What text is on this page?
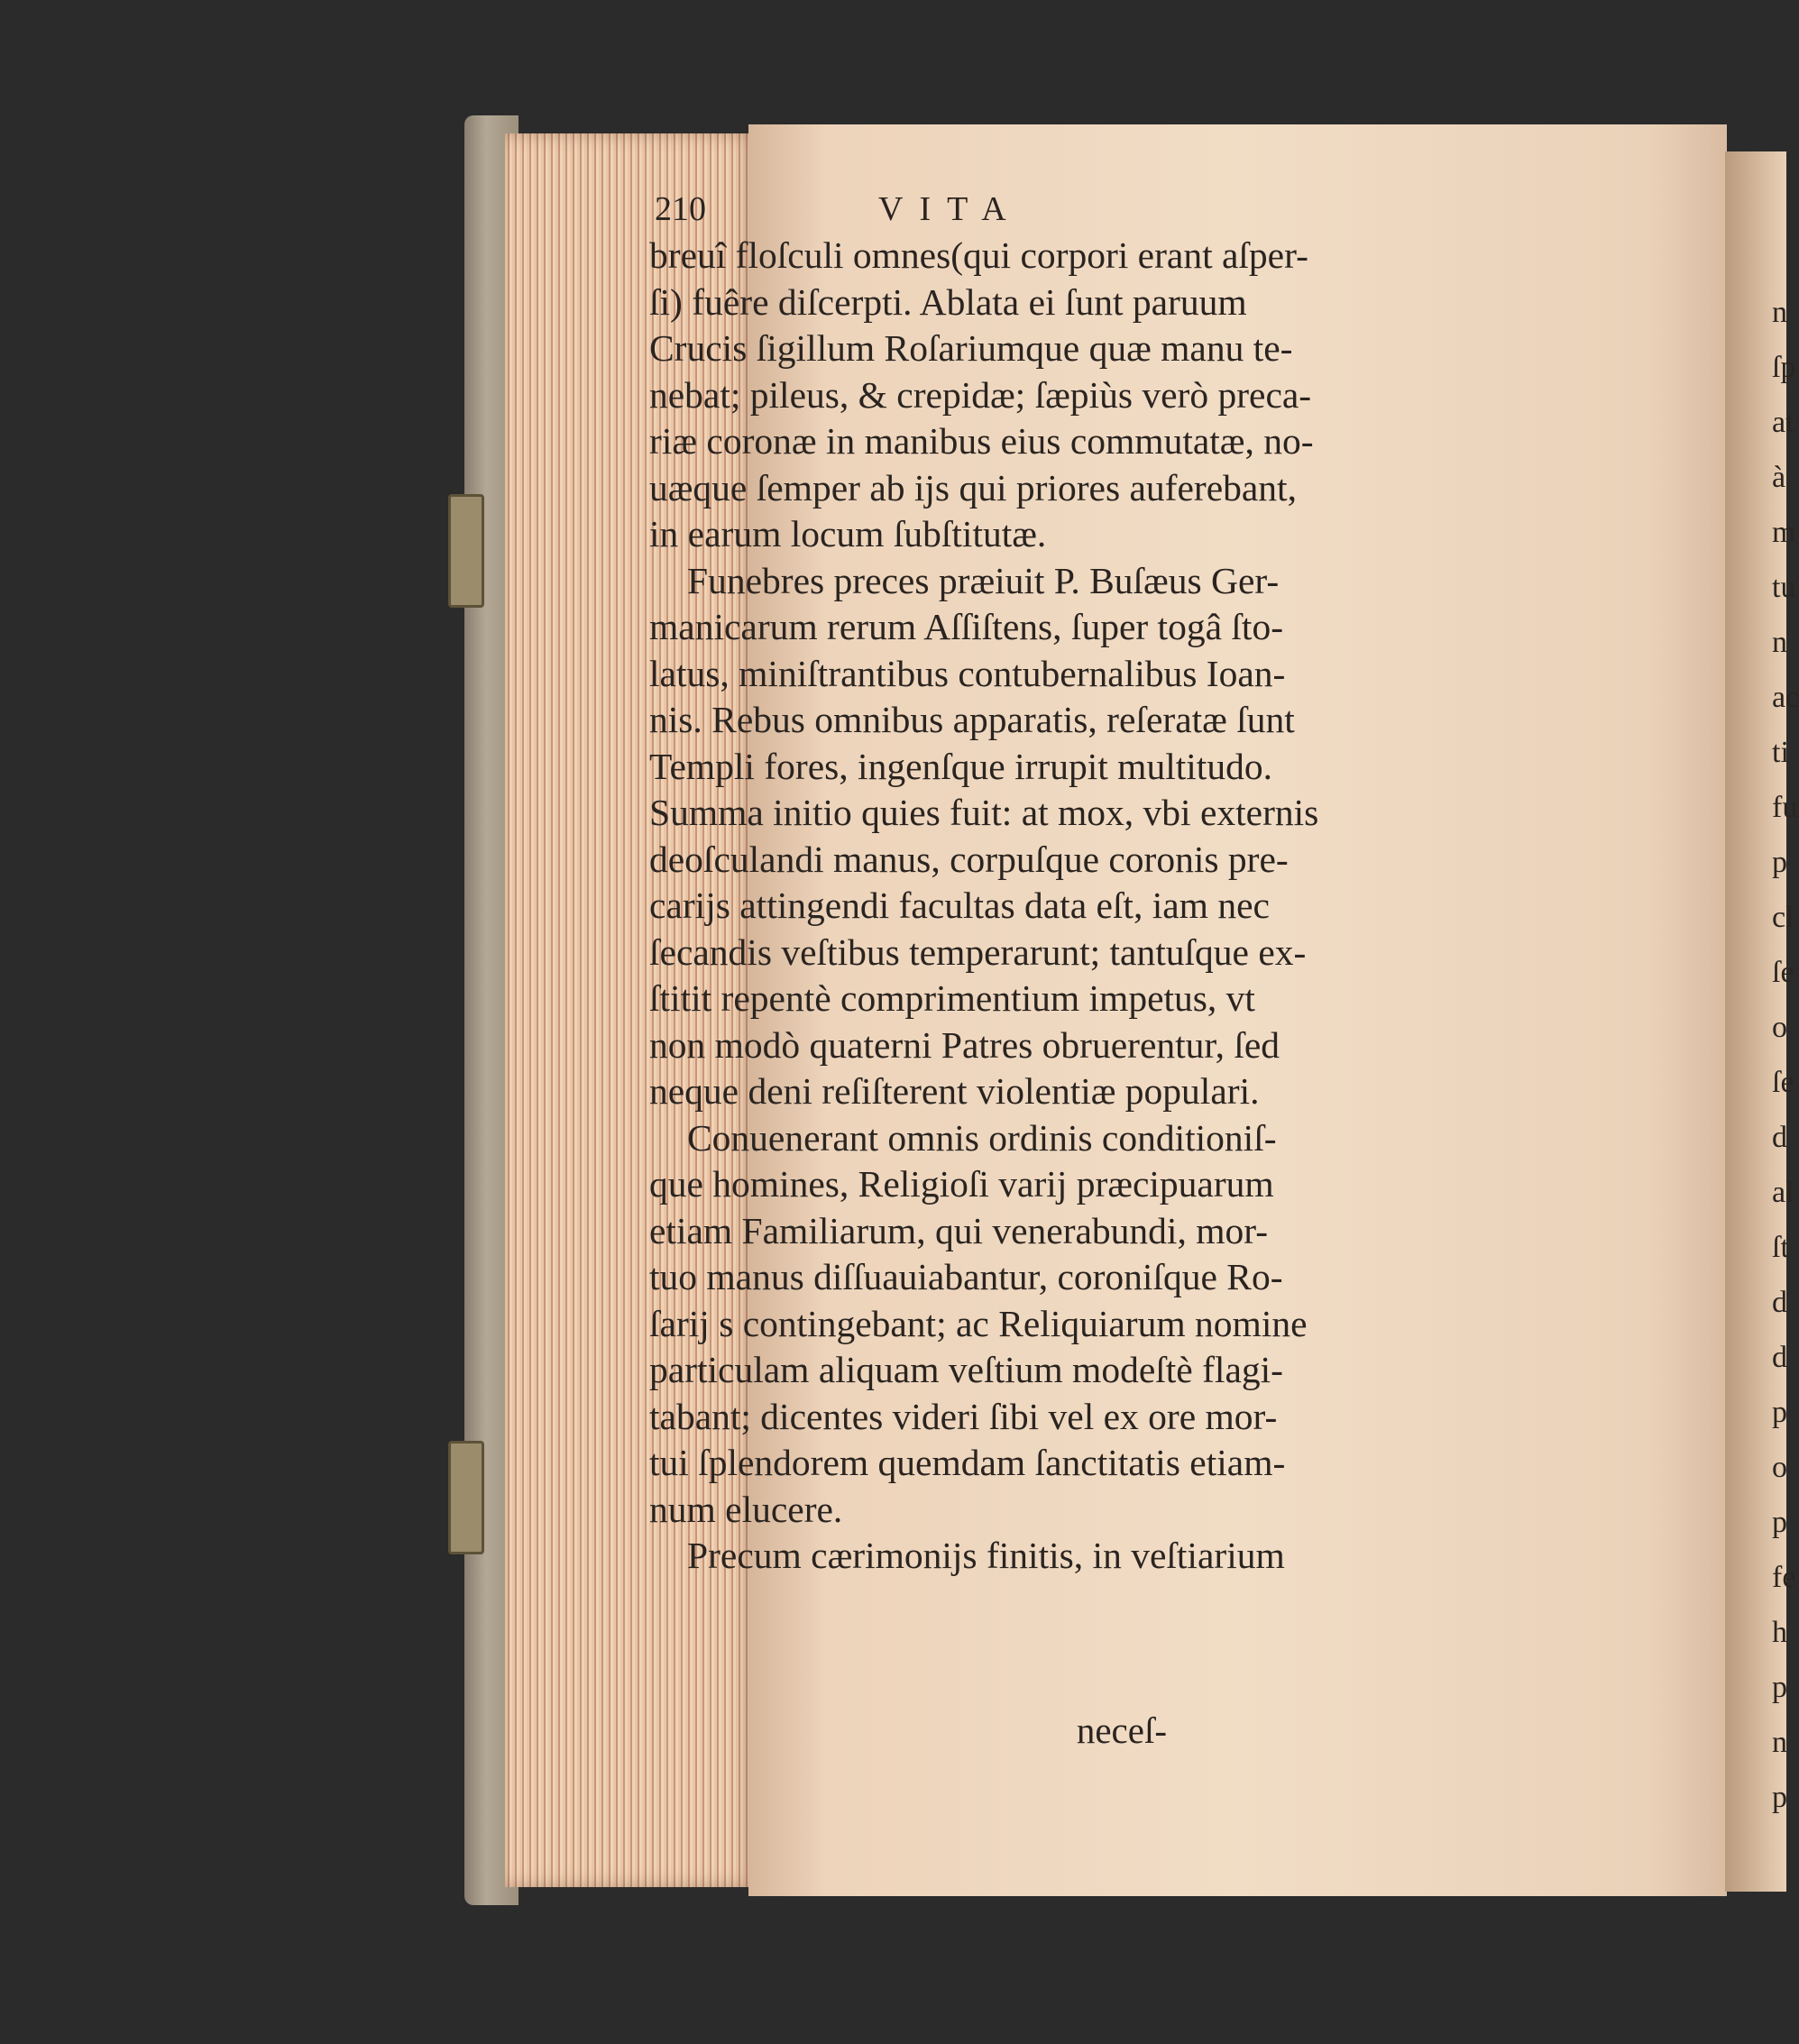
n
ſp
at
à
m
tu
n
ac
ti
fu
p
cl
ſe
o
ſe
d
al
ſt
d
d
p
o
p
fe
h
p
n
p
210	VITA
breuî floſculi omnes(qui corpori erant aſper-
ſi) fuêre diſcerpti. Ablata ei ſunt paruum
Crucis ſigillum Roſariumque quæ manu te-
nebat; pileus, & crepidæ; ſæpiùs verò preca-
riæ coronæ in manibus eius commutatæ, no-
uæque ſemper ab ijs qui priores auferebant,
in earum locum ſubſtitutæ.
Funebres preces præiuit P. Buſæus Ger-
manicarum rerum Aſſiſtens, ſuper togâ ſto-
latus, miniſtrantibus contubernalibus Ioan-
nis. Rebus omnibus apparatis, reſeratæ ſunt
Templi fores, ingenſque irrupit multitudo.
Summa initio quies fuit: at mox, vbi externis
deoſculandi manus, corpuſque coronis pre-
carijs attingendi facultas data eſt, iam nec
ſecandis veſtibus temperarunt; tantuſque ex-
ſtitit repentè comprimentium impetus, vt
non modò quaterni Patres obruerentur, ſed
neque deni reſiſterent violentiæ populari.
Conuenerant omnis ordinis conditioniſ-
que homines, Religioſi varij præcipuarum
etiam Familiarum, qui venerabundi, mor-
tuo manus diſſuauiabantur, coroniſque Ro-
ſarij s contingebant; ac Reliquiarum nomine
particulam aliquam veſtium modeſtè flagi-
tabant; dicentes videri ſibi vel ex ore mor-
tui ſplendorem quemdam ſanctitatis etiam-
num elucere.
Precum cærimonijs finitis, in veſtiarium
neceſ-
